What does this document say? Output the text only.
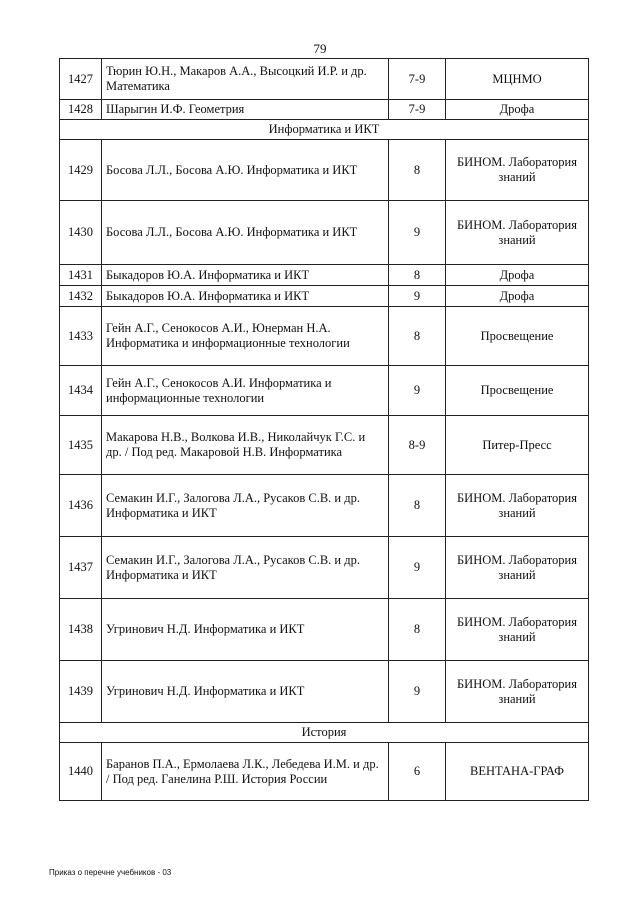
79
1427	Тюрин Ю.Н., Макаров А.А., Высоцкий И.Р. и др. Математика	7-9	МЦНМО
1428	Шарыгин И.Ф. Геометрия	7-9	Дрофа
Информатика и ИКТ			
1429	Босова Л.Л., Босова А.Ю. Информатика и ИКТ	8	БИНОМ. Лаборатория знаний
1430	Босова Л.Л., Босова А.Ю. Информатика и ИКТ	9	БИНОМ. Лаборатория знаний
1431	Быкадоров Ю.А. Информатика и ИКТ	8	Дрофа
1432	Быкадоров Ю.А. Информатика и ИКТ	9	Дрофа
1433	Гейн А.Г., Сенокосов А.И., Юнерман Н.А. Информатика и информационные технологии	8	Просвещение
1434	Гейн А.Г., Сенокосов А.И. Информатика и информационные технологии	9	Просвещение
1435	Макарова Н.В., Волкова И.В., Николайчук Г.С. и др. / Под ред. Макаровой Н.В. Информатика	8-9	Питер-Пресс
1436	Семакин И.Г., Залогова Л.А., Русаков С.В. и др. Информатика и ИКТ	8	БИНОМ. Лаборатория знаний
1437	Семакин И.Г., Залогова Л.А., Русаков С.В. и др. Информатика и ИКТ	9	БИНОМ. Лаборатория знаний
1438	Угринович Н.Д. Информатика и ИКТ	8	БИНОМ. Лаборатория знаний
1439	Угринович Н.Д. Информатика и ИКТ	9	БИНОМ. Лаборатория знаний
История			
1440	Баранов П.А., Ермолаева Л.К., Лебедева И.М. и др. / Под ред. Ганелина Р.Ш. История России	6	ВЕНТАНА-ГРАФ
Приказ о перечне учебников - 03
